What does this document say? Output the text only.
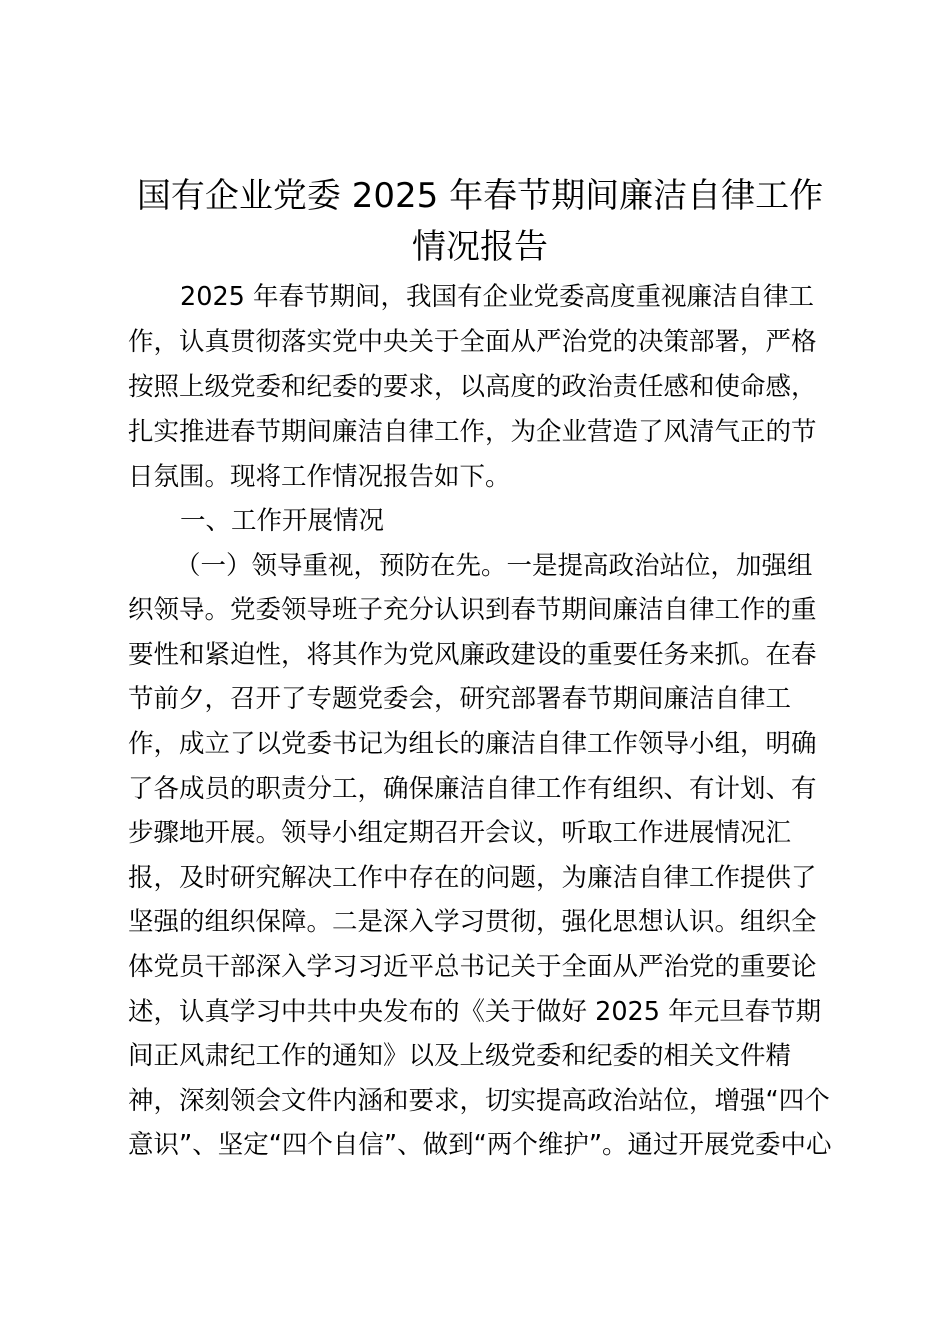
国有企业党委 2025 年春节期间廉洁自律工作
情况报告
2025 年春节期间，我国有企业党委高度重视廉洁自律工
作，认真贯彻落实党中央关于全面从严治党的决策部署，严格
按照上级党委和纪委的要求，以高度的政治责任感和使命感，
扎实推进春节期间廉洁自律工作，为企业营造了风清气正的节
日氛围。现将工作情况报告如下。
一、工作开展情况
（一）领导重视，预防在先。一是提高政治站位，加强组
织领导。党委领导班子充分认识到春节期间廉洁自律工作的重
要性和紧迫性，将其作为党风廉政建设的重要任务来抓。在春
节前夕，召开了专题党委会，研究部署春节期间廉洁自律工
作，成立了以党委书记为组长的廉洁自律工作领导小组，明确
了各成员的职责分工，确保廉洁自律工作有组织、有计划、有
步骤地开展。领导小组定期召开会议，听取工作进展情况汇
报，及时研究解决工作中存在的问题，为廉洁自律工作提供了
坚强的组织保障。二是深入学习贯彻，强化思想认识。组织全
体党员干部深入学习习近平总书记关于全面从严治党的重要论
述，认真学习中共中央发布的《关于做好 2025 年元旦春节期
间正风肃纪工作的通知》以及上级党委和纪委的相关文件精
神，深刻领会文件内涵和要求，切实提高政治站位，增强“四个
意识”、坚定“四个自信”、做到“两个维护”。通过开展党委中心
